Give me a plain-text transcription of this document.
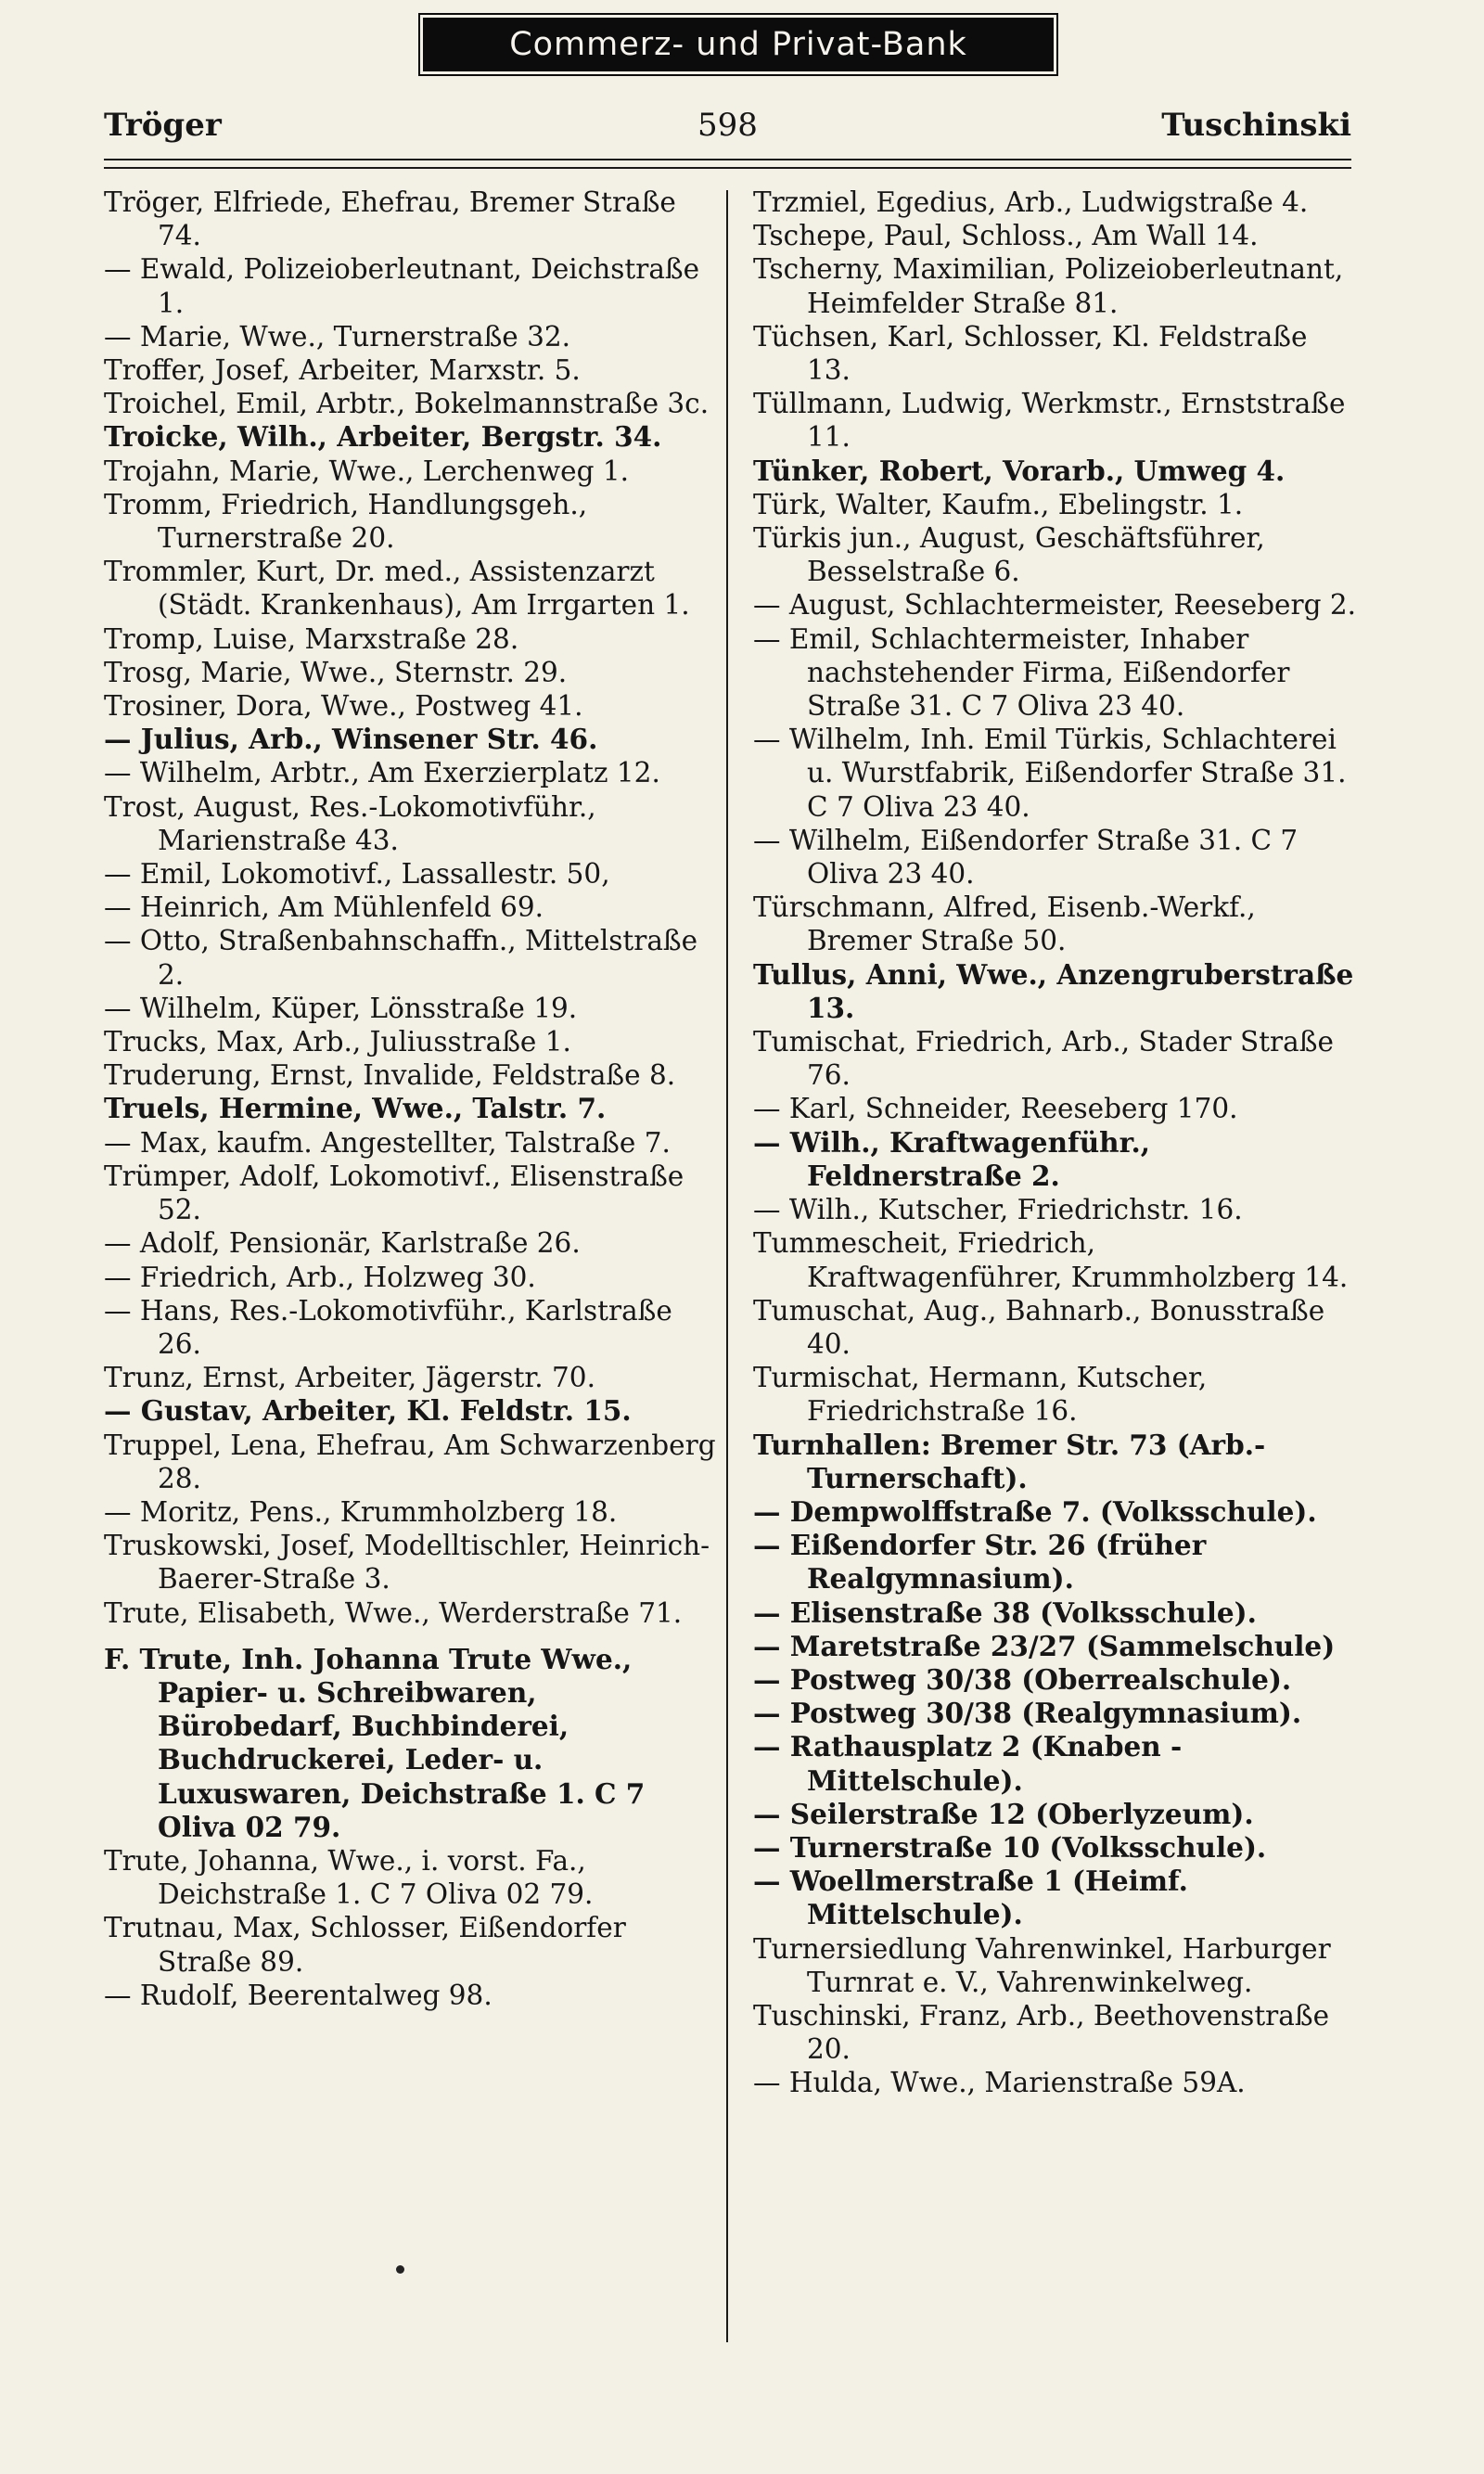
Commerz- und Privat-Bank
Tröger	598	Tuschinski

Tröger, Elfriede, Ehefrau, Bremer Straße 74.

— Ewald, Polizeioberleutnant, Deichstraße 1.

— Marie, Wwe., Turnerstraße 32.

Troffer, Josef, Arbeiter, Marxstr. 5.

Troichel, Emil, Arbtr., Bokelmannstraße 3c.

Troicke, Wilh., Arbeiter, Bergstr. 34.

Trojahn, Marie, Wwe., Lerchenweg 1.

Tromm, Friedrich, Handlungsgeh., Turnerstraße 20.

Trommler, Kurt, Dr. med., Assistenzarzt (Städt. Krankenhaus), Am Irrgarten 1.

Tromp, Luise, Marxstraße 28.

Trosg, Marie, Wwe., Sternstr. 29.

Trosiner, Dora, Wwe., Postweg 41.

— Julius, Arb., Winsener Str. 46.

— Wilhelm, Arbtr., Am Exerzierplatz 12.

Trost, August, Res.-Lokomotivführ., Marienstraße 43.

— Emil, Lokomotivf., Lassallestr. 50,

— Heinrich, Am Mühlenfeld 69.

— Otto, Straßenbahnschaffn., Mittelstraße 2.

— Wilhelm, Küper, Lönsstraße 19.

Trucks, Max, Arb., Juliusstraße 1.

Truderung, Ernst, Invalide, Feldstraße 8.

Truels, Hermine, Wwe., Talstr. 7.

— Max, kaufm. Angestellter, Talstraße 7.

Trümper, Adolf, Lokomotivf., Elisenstraße 52.

— Adolf, Pensionär, Karlstraße 26.

— Friedrich, Arb., Holzweg 30.

— Hans, Res.-Lokomotivführ., Karlstraße 26.

Trunz, Ernst, Arbeiter, Jägerstr. 70.

— Gustav, Arbeiter, Kl. Feldstr. 15.

Truppel, Lena, Ehefrau, Am Schwarzenberg 28.

— Moritz, Pens., Krummholzberg 18.

Truskowski, Josef, Modelltischler, Heinrich-Baerer-Straße 3.

Trute, Elisabeth, Wwe., Werderstraße 71.

F. Trute, Inh. Johanna Trute Wwe., Papier- u. Schreibwaren, Bürobedarf, Buchbinderei, Buchdruckerei, Leder- u. Luxuswaren, Deichstraße 1. C 7 Oliva 02 79.

Trute, Johanna, Wwe., i. vorst. Fa., Deichstraße 1. C 7 Oliva 02 79.

Trutnau, Max, Schlosser, Eißendorfer Straße 89.

— Rudolf, Beerentalweg 98.

Trzmiel, Egedius, Arb., Ludwigstraße 4.

Tschepe, Paul, Schloss., Am Wall 14.

Tscherny, Maximilian, Polizeioberleutnant, Heimfelder Straße 81.

Tüchsen, Karl, Schlosser, Kl. Feldstraße 13.

Tüllmann, Ludwig, Werkmstr., Ernststraße 11.

Tünker, Robert, Vorarb., Umweg 4.

Türk, Walter, Kaufm., Ebelingstr. 1.

Türkis jun., August, Geschäftsführer, Besselstraße 6.

— August, Schlachtermeister, Reeseberg 2.

— Emil, Schlachtermeister, Inhaber nachstehender Firma, Eißendorfer Straße 31. C 7 Oliva 23 40.

— Wilhelm, Inh. Emil Türkis, Schlachterei u. Wurstfabrik, Eißendorfer Straße 31. C 7 Oliva 23 40.

— Wilhelm, Eißendorfer Straße 31. C 7 Oliva 23 40.

Türschmann, Alfred, Eisenb.-Werkf., Bremer Straße 50.

Tullus, Anni, Wwe., Anzengruberstraße 13.

Tumischat, Friedrich, Arb., Stader Straße 76.

— Karl, Schneider, Reeseberg 170.

— Wilh., Kraftwagenführ., Feldnerstraße 2.

— Wilh., Kutscher, Friedrichstr. 16.

Tummescheit, Friedrich, Kraftwagenführer, Krummholzberg 14.

Tumuschat, Aug., Bahnarb., Bonusstraße 40.

Turmischat, Hermann, Kutscher, Friedrichstraße 16.

Turnhallen: Bremer Str. 73 (Arb.-Turnerschaft).

— Dempwolffstraße 7. (Volksschule).

— Eißendorfer Str. 26 (früher Realgymnasium).

— Elisenstraße 38 (Volksschule).

— Maretstraße 23/27 (Sammelschule)

— Postweg 30/38 (Oberrealschule).

— Postweg 30/38 (Realgymnasium).

— Rathausplatz 2 (Knaben - Mittelschule).

— Seilerstraße 12 (Oberlyzeum).

— Turnerstraße 10 (Volksschule).

— Woellmerstraße 1 (Heimf. Mittelschule).

Turnersiedlung Vahrenwinkel, Harburger Turnrat e. V., Vahrenwinkelweg.

Tuschinski, Franz, Arb., Beethovenstraße 20.

— Hulda, Wwe., Marienstraße 59A.
